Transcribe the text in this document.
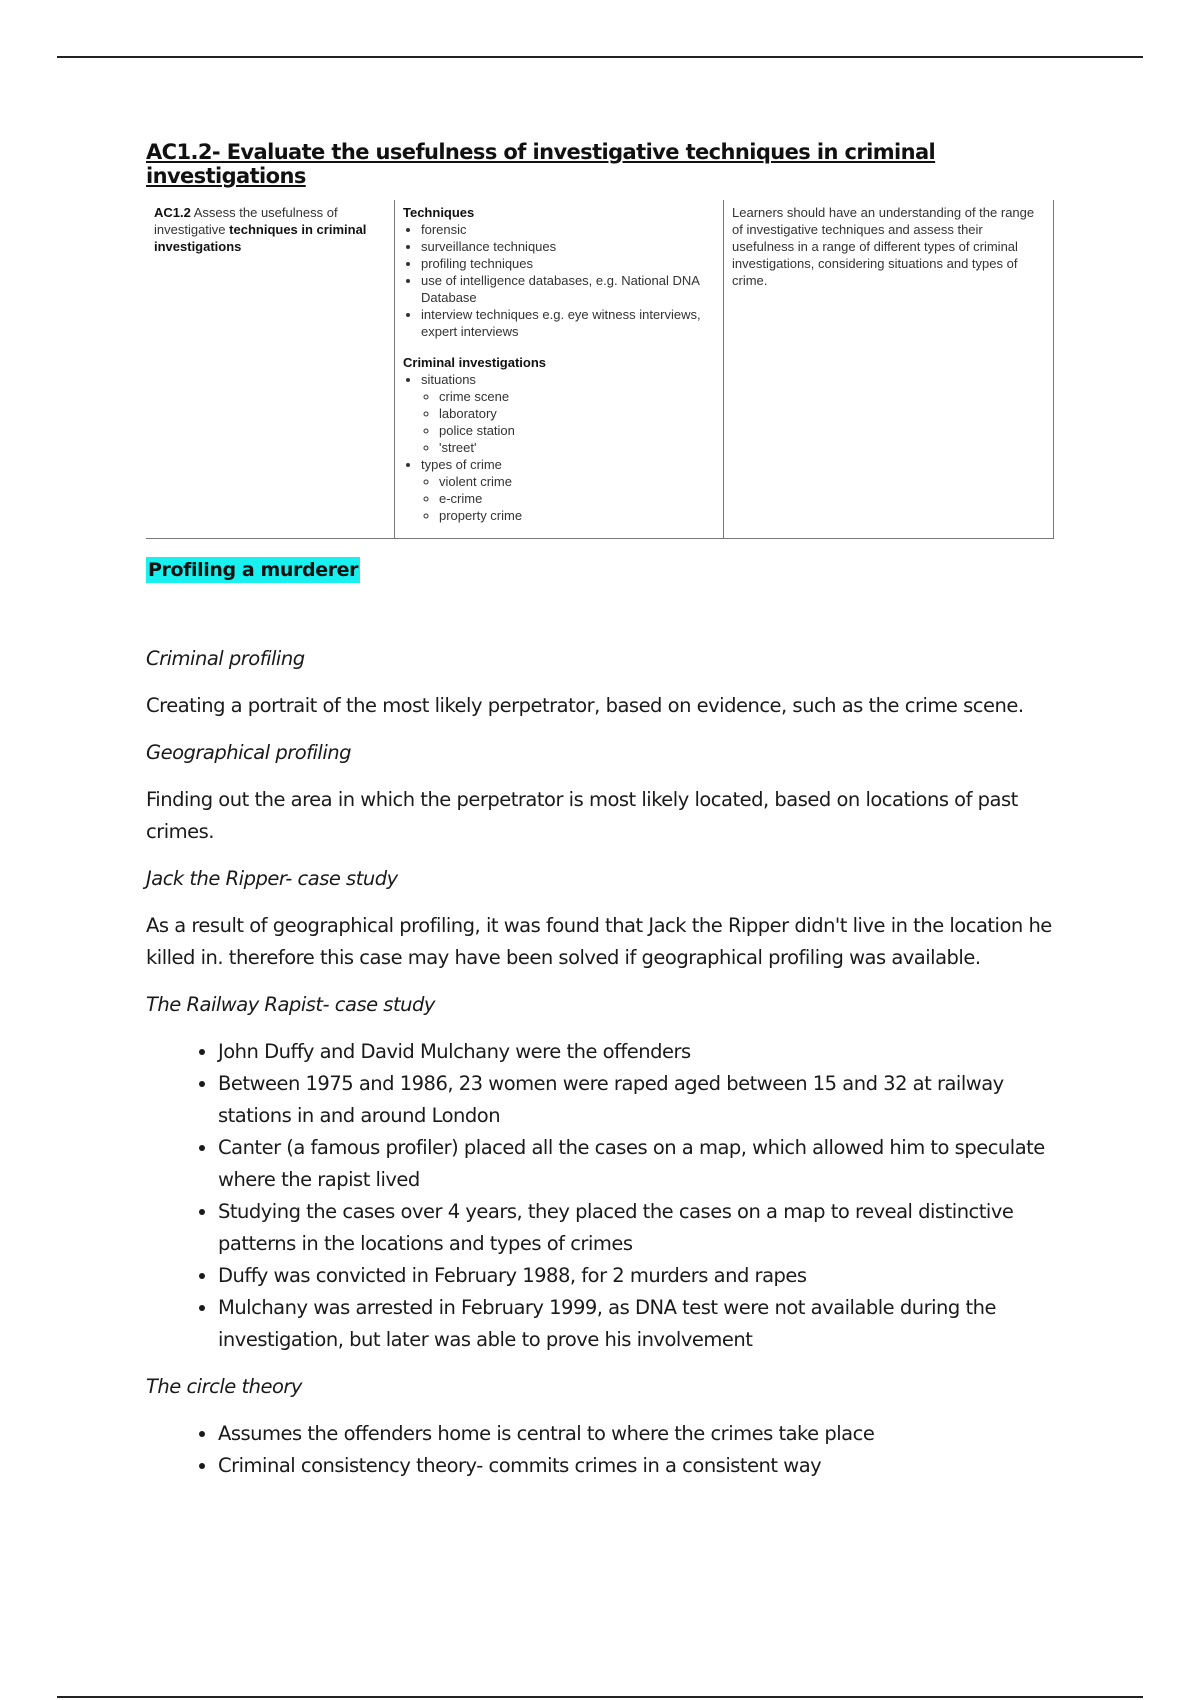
AC1.2- Evaluate the usefulness of investigative techniques in criminal investigations
AC1.2 Assess the usefulness of investigative techniques in criminal investigations
Techniques
• forensic
• surveillance techniques
• profiling techniques
• use of intelligence databases, e.g. National DNA Database
• interview techniques e.g. eye witness interviews, expert interviews
Criminal investigations
• situations
◦ crime scene
◦ laboratory
◦ police station
◦ 'street'
• types of crime
◦ violent crime
◦ e-crime
◦ property crime
Learners should have an understanding of the range of investigative techniques and assess their usefulness in a range of different types of criminal investigations, considering situations and types of crime.
Profiling a murderer

Criminal profiling

Creating a portrait of the most likely perpetrator, based on evidence, such as the crime scene.

Geographical profiling

Finding out the area in which the perpetrator is most likely located, based on locations of past crimes.

Jack the Ripper- case study

As a result of geographical profiling, it was found that Jack the Ripper didn't live in the location he killed in. therefore this case may have been solved if geographical profiling was available.

The Railway Rapist- case study

• John Duffy and David Mulchany were the offenders
• Between 1975 and 1986, 23 women were raped aged between 15 and 32 at railway stations in and around London
• Canter (a famous profiler) placed all the cases on a map, which allowed him to speculate where the rapist lived
• Studying the cases over 4 years, they placed the cases on a map to reveal distinctive patterns in the locations and types of crimes
• Duffy was convicted in February 1988, for 2 murders and rapes
• Mulchany was arrested in February 1999, as DNA test were not available during the investigation, but later was able to prove his involvement

The circle theory

• Assumes the offenders home is central to where the crimes take place
• Criminal consistency theory- commits crimes in a consistent way
